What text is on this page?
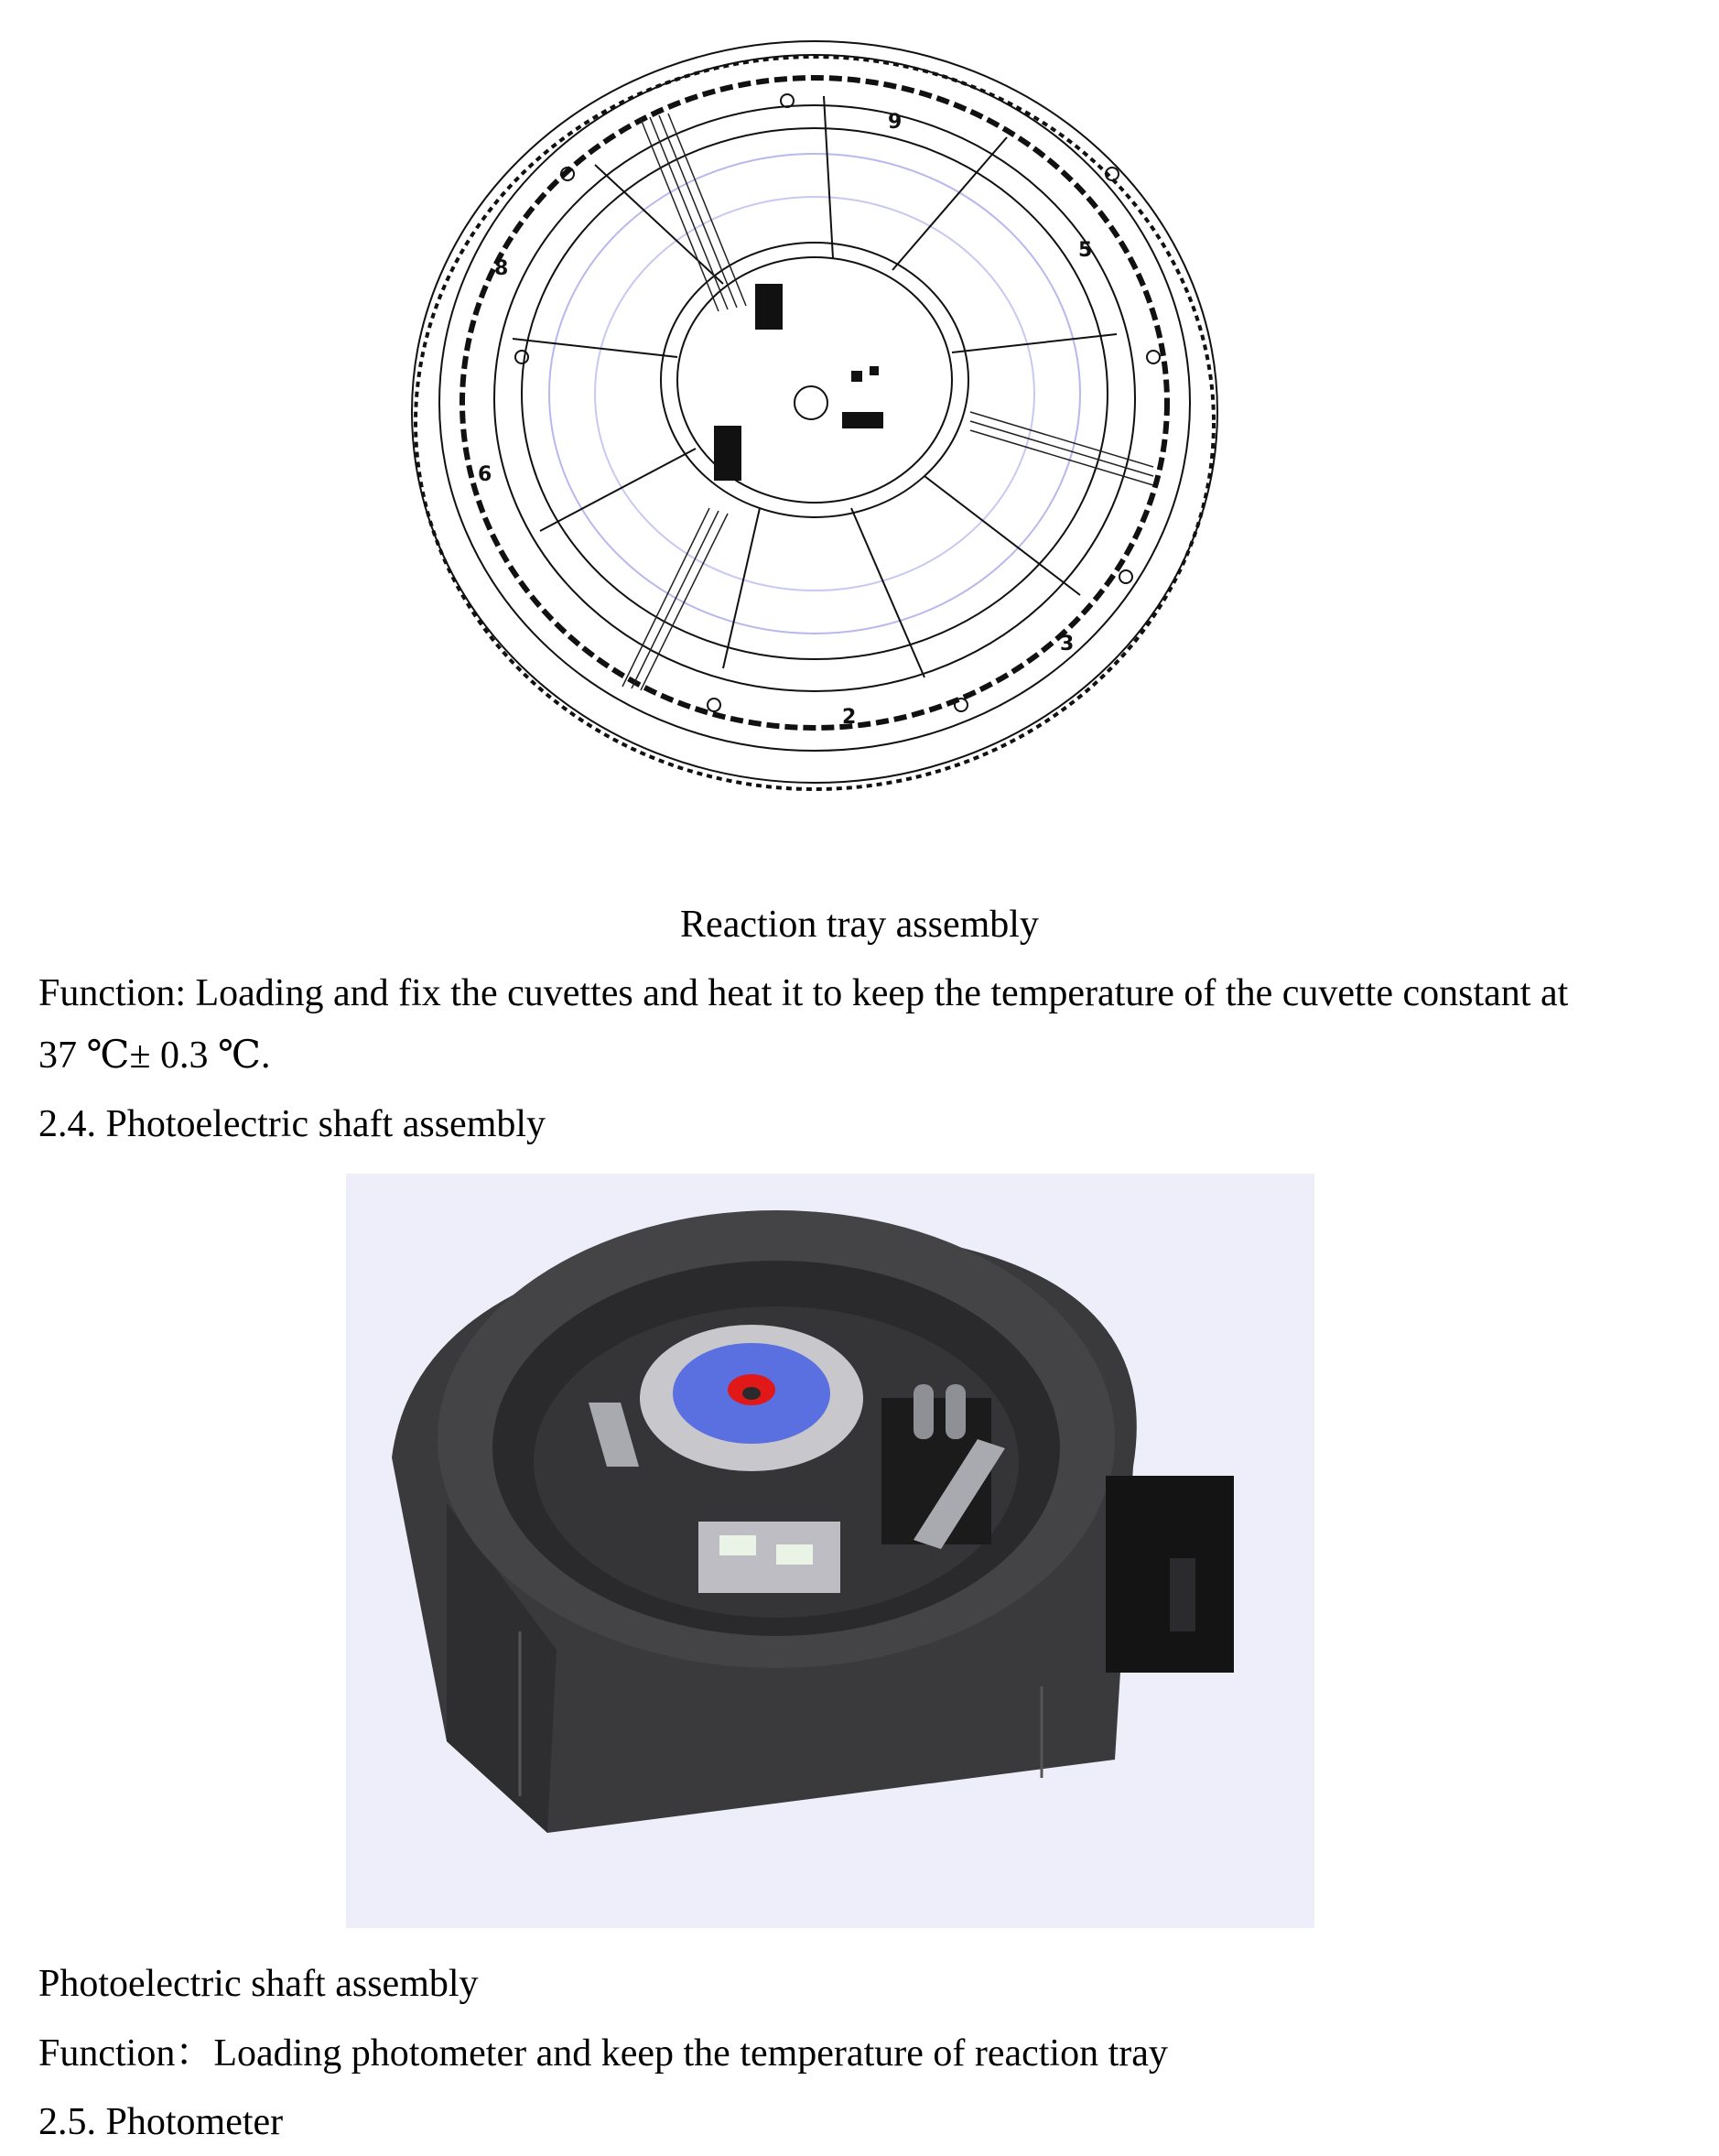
9
5
3
2
6
8
Reaction tray assembly
Function: Loading and fix the cuvettes and heat it to keep the temperature of the cuvette constant at
37 ℃± 0.3 ℃.
2.4. Photoelectric shaft assembly
Photoelectric shaft assembly
Function：Loading photometer and keep the temperature of reaction tray
2.5. Photometer
